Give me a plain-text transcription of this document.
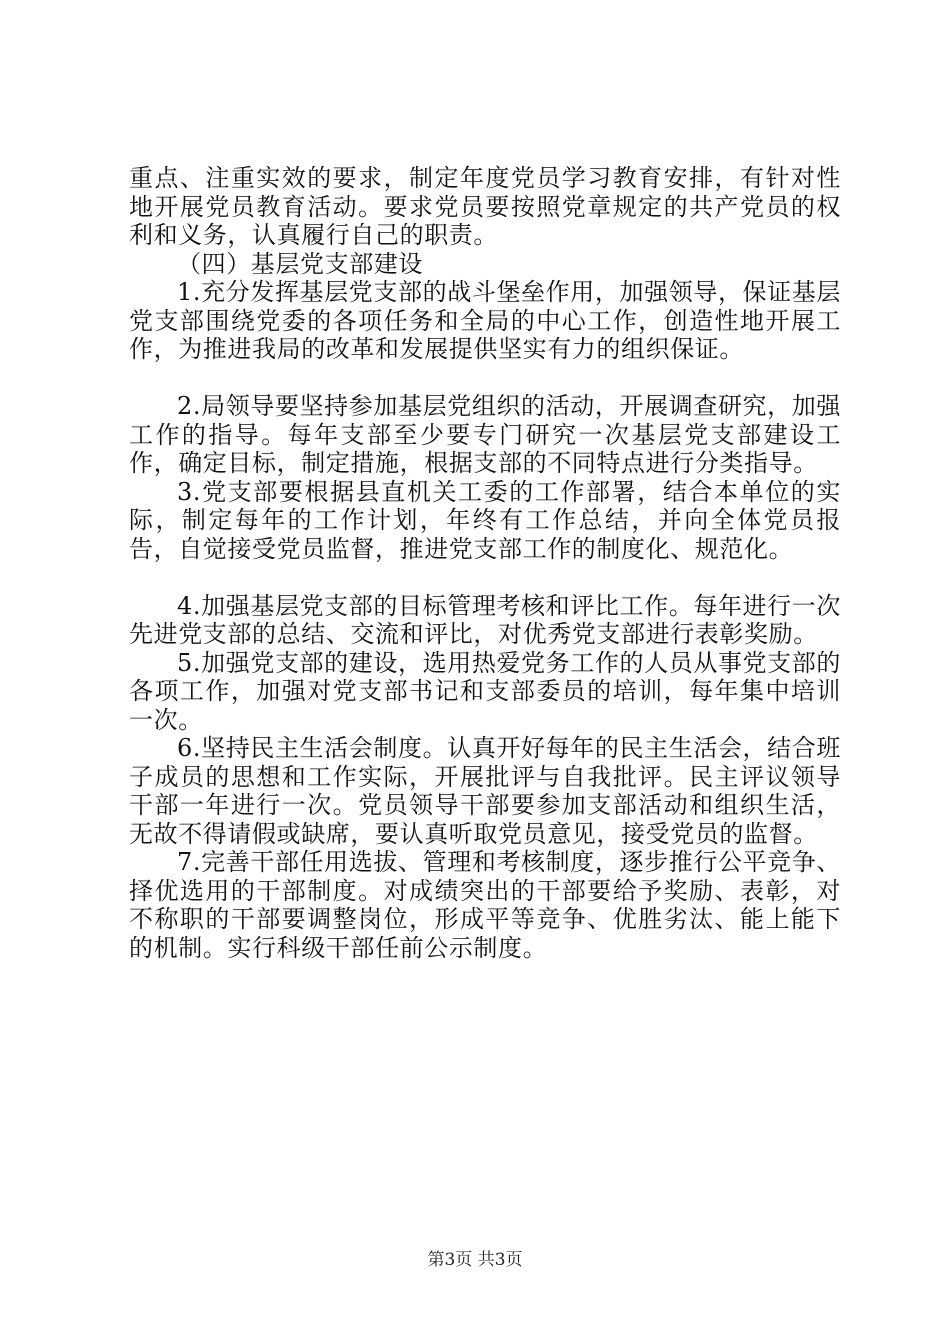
重点、注重实效的要求，制定年度党员学习教育安排，有针对性地开展党员教育活动。要求党员要按照党章规定的共产党员的权利和义务，认真履行自己的职责。

（四）基层党支部建设

1.充分发挥基层党支部的战斗堡垒作用，加强领导，保证基层党支部围绕党委的各项任务和全局的中心工作，创造性地开展工作，为推进我局的改革和发展提供坚实有力的组织保证。

2.局领导要坚持参加基层党组织的活动，开展调查研究，加强工作的指导。每年支部至少要专门研究一次基层党支部建设工作，确定目标，制定措施，根据支部的不同特点进行分类指导。

3.党支部要根据县直机关工委的工作部署，结合本单位的实际，制定每年的工作计划，年终有工作总结，并向全体党员报告，自觉接受党员监督，推进党支部工作的制度化、规范化。

4.加强基层党支部的目标管理考核和评比工作。每年进行一次先进党支部的总结、交流和评比，对优秀党支部进行表彰奖励。

5.加强党支部的建设，选用热爱党务工作的人员从事党支部的各项工作，加强对党支部书记和支部委员的培训，每年集中培训一次。

6.坚持民主生活会制度。认真开好每年的民主生活会，结合班子成员的思想和工作实际，开展批评与自我批评。民主评议领导干部一年进行一次。党员领导干部要参加支部活动和组织生活，无故不得请假或缺席，要认真听取党员意见，接受党员的监督。

7.完善干部任用选拔、管理和考核制度，逐步推行公平竞争、择优选用的干部制度。对成绩突出的干部要给予奖励、表彰，对不称职的干部要调整岗位，形成平等竞争、优胜劣汰、能上能下的机制。实行科级干部任前公示制度。

第3页 共3页
